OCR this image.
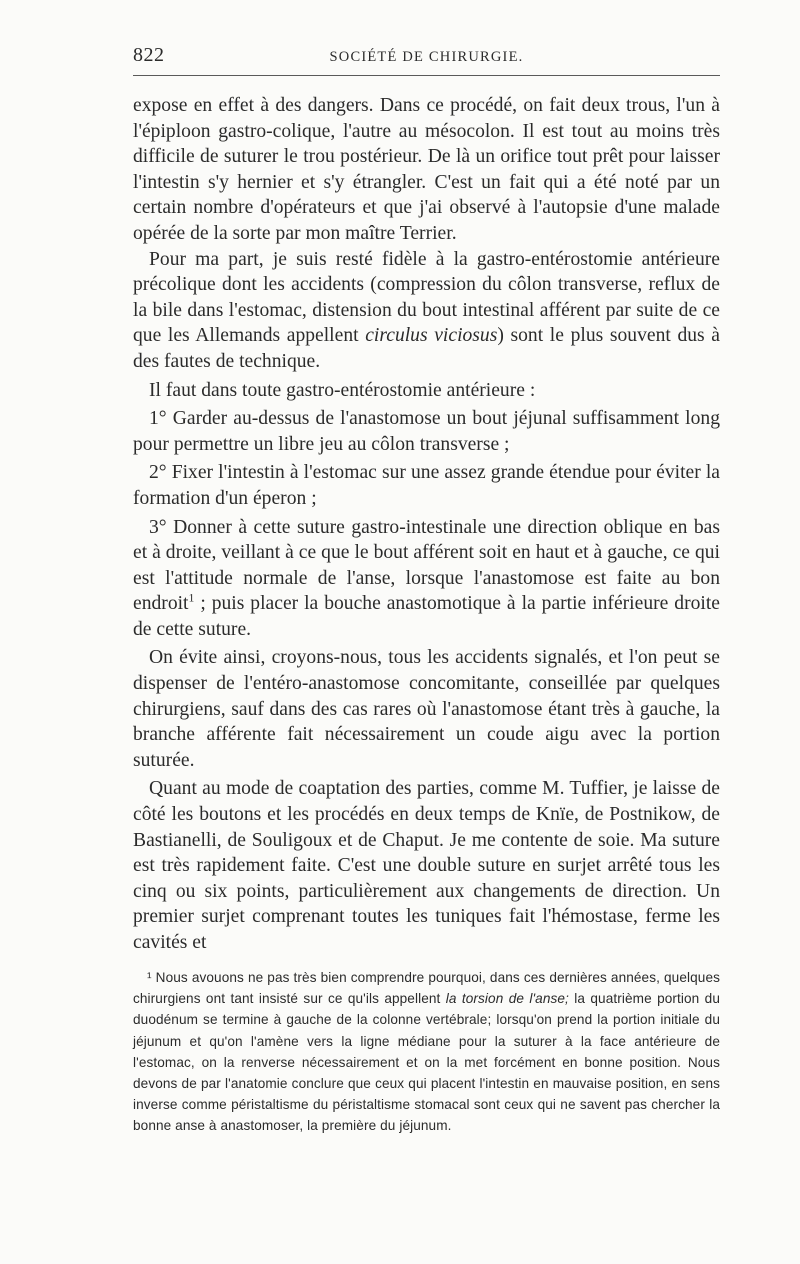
822	SOCIÉTÉ DE CHIRURGIE.

expose en effet à des dangers. Dans ce procédé, on fait deux trous, l'un à l'épiploon gastro-colique, l'autre au mésocolon. Il est tout au moins très difficile de suturer le trou postérieur. De là un orifice tout prêt pour laisser l'intestin s'y hernier et s'y étrangler. C'est un fait qui a été noté par un certain nombre d'opérateurs et que j'ai observé à l'autopsie d'une malade opérée de la sorte par mon maître Terrier.

Pour ma part, je suis resté fidèle à la gastro-entérostomie antérieure précolique dont les accidents (compression du côlon transverse, reflux de la bile dans l'estomac, distension du bout intestinal afférent par suite de ce que les Allemands appellent circulus viciosus) sont le plus souvent dus à des fautes de technique.

Il faut dans toute gastro-entérostomie antérieure :

1° Garder au-dessus de l'anastomose un bout jéjunal suffisamment long pour permettre un libre jeu au côlon transverse ;

2° Fixer l'intestin à l'estomac sur une assez grande étendue pour éviter la formation d'un éperon ;

3° Donner à cette suture gastro-intestinale une direction oblique en bas et à droite, veillant à ce que le bout afférent soit en haut et à gauche, ce qui est l'attitude normale de l'anse, lorsque l'anastomose est faite au bon endroit$^1$ ; puis placer la bouche anastomotique à la partie inférieure droite de cette suture.

On évite ainsi, croyons-nous, tous les accidents signalés, et l'on peut se dispenser de l'entéro-anastomose concomitante, conseillée par quelques chirurgiens, sauf dans des cas rares où l'anastomose étant très à gauche, la branche afférente fait nécessairement un coude aigu avec la portion suturée.

Quant au mode de coaptation des parties, comme M. Tuffier, je laisse de côté les boutons et les procédés en deux temps de Knïe, de Postnikow, de Bastianelli, de Souligoux et de Chaput. Je me contente de soie. Ma suture est très rapidement faite. C'est une double suture en surjet arrêté tous les cinq ou six points, particulièrement aux changements de direction. Un premier surjet comprenant toutes les tuniques fait l'hémostase, ferme les cavités et

¹ Nous avouons ne pas très bien comprendre pourquoi, dans ces dernières années, quelques chirurgiens ont tant insisté sur ce qu'ils appellent la torsion de l'anse; la quatrième portion du duodénum se termine à gauche de la colonne vertébrale; lorsqu'on prend la portion initiale du jéjunum et qu'on l'amène vers la ligne médiane pour la suturer à la face antérieure de l'estomac, on la renverse nécessairement et on la met forcément en bonne position. Nous devons de par l'anatomie conclure que ceux qui placent l'intestin en mauvaise position, en sens inverse comme péristaltisme du péristaltisme stomacal sont ceux qui ne savent pas chercher la bonne anse à anastomoser, la première du jéjunum.
